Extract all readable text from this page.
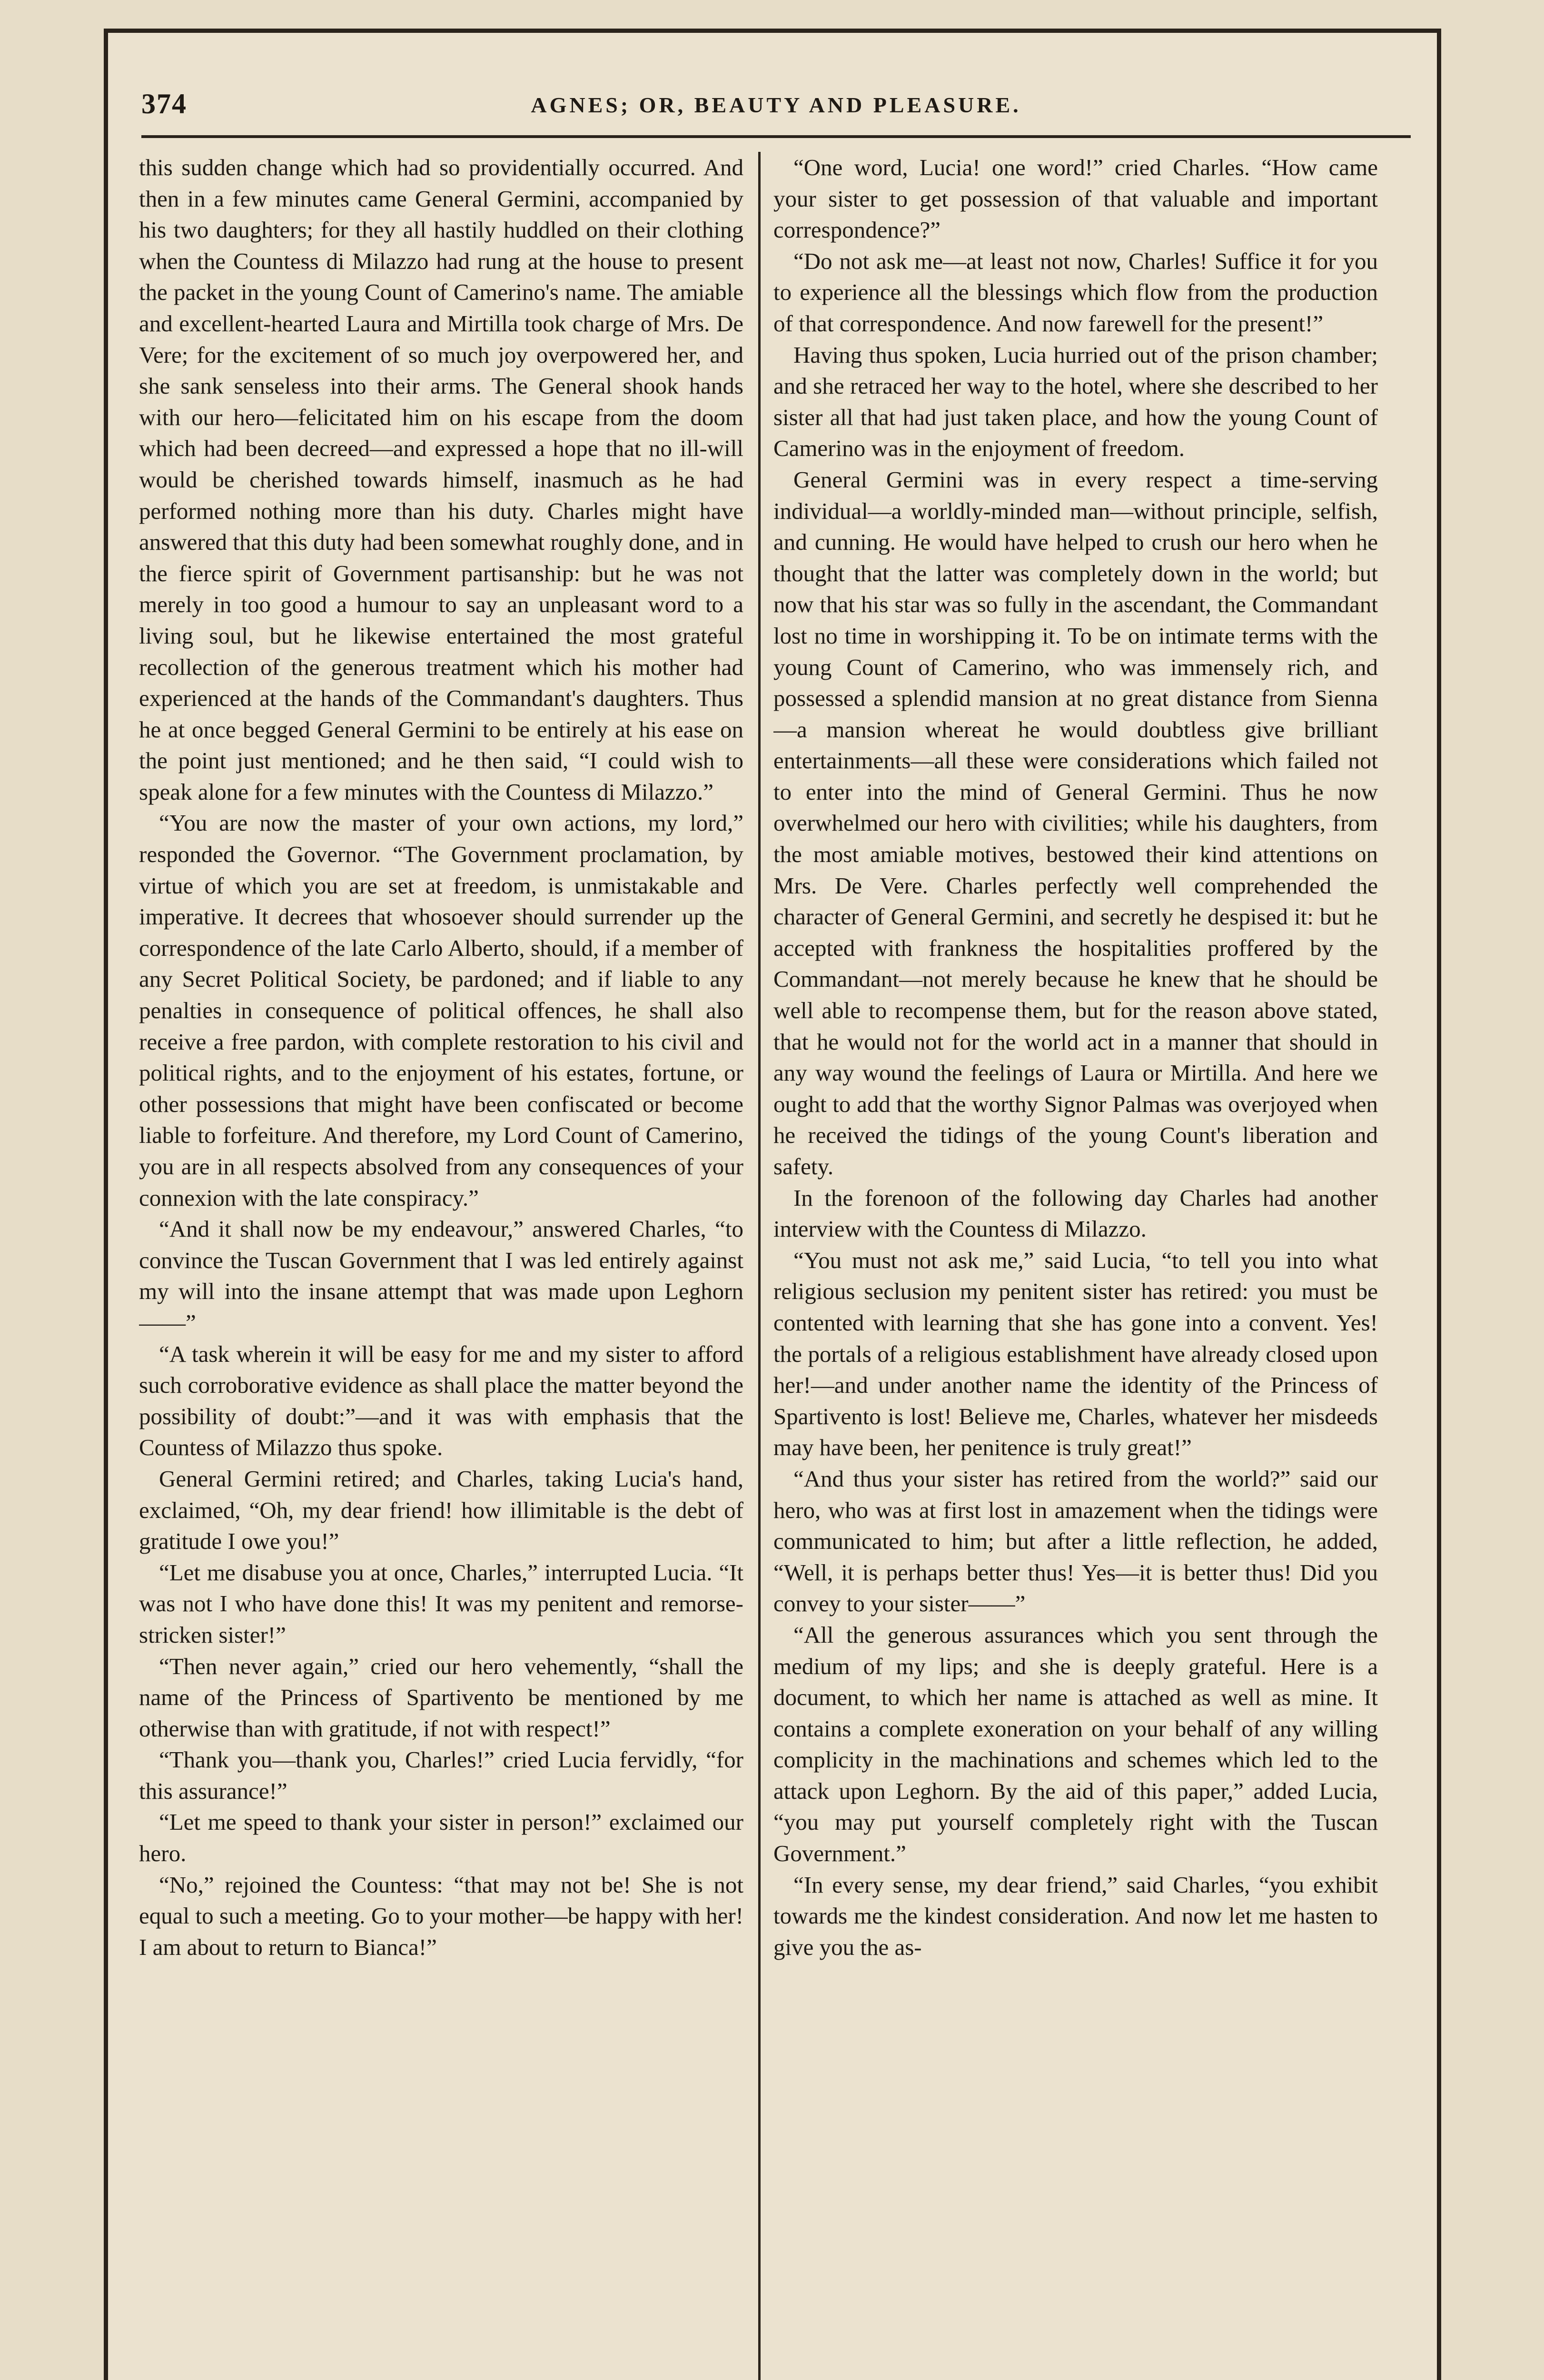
374	AGNES; OR, BEAUTY AND PLEASURE.

this sudden change which had so providentially occurred. And then in a few minutes came General Germini, accompanied by his two daughters; for they all hastily huddled on their clothing when the Countess di Milazzo had rung at the house to present the packet in the young Count of Camerino's name. The amiable and excellent-hearted Laura and Mirtilla took charge of Mrs. De Vere; for the excitement of so much joy overpowered her, and she sank senseless into their arms. The General shook hands with our hero—felicitated him on his escape from the doom which had been decreed—and expressed a hope that no ill-will would be cherished towards himself, inasmuch as he had performed nothing more than his duty. Charles might have answered that this duty had been somewhat roughly done, and in the fierce spirit of Government partisanship: but he was not merely in too good a humour to say an unpleasant word to a living soul, but he likewise entertained the most grateful recollection of the generous treatment which his mother had experienced at the hands of the Commandant's daughters. Thus he at once begged General Germini to be entirely at his ease on the point just mentioned; and he then said, “I could wish to speak alone for a few minutes with the Countess di Milazzo.”

“You are now the master of your own actions, my lord,” responded the Governor. “The Government proclamation, by virtue of which you are set at freedom, is unmistakable and imperative. It decrees that whosoever should surrender up the correspondence of the late Carlo Alberto, should, if a member of any Secret Political Society, be pardoned; and if liable to any penalties in consequence of political offences, he shall also receive a free pardon, with complete restoration to his civil and political rights, and to the enjoyment of his estates, fortune, or other possessions that might have been confiscated or become liable to forfeiture. And therefore, my Lord Count of Camerino, you are in all respects absolved from any consequences of your connexion with the late conspiracy.”

“And it shall now be my endeavour,” answered Charles, “to convince the Tuscan Government that I was led entirely against my will into the insane attempt that was made upon Leghorn——”

“A task wherein it will be easy for me and my sister to afford such corroborative evidence as shall place the matter beyond the possibility of doubt:”—and it was with emphasis that the Countess of Milazzo thus spoke.

General Germini retired; and Charles, taking Lucia's hand, exclaimed, “Oh, my dear friend! how illimitable is the debt of gratitude I owe you!”

“Let me disabuse you at once, Charles,” interrupted Lucia. “It was not I who have done this! It was my penitent and remorse-stricken sister!”

“Then never again,” cried our hero vehemently, “shall the name of the Princess of Spartivento be mentioned by me otherwise than with gratitude, if not with respect!”

“Thank you—thank you, Charles!” cried Lucia fervidly, “for this assurance!”

“Let me speed to thank your sister in person!” exclaimed our hero.

“No,” rejoined the Countess: “that may not be! She is not equal to such a meeting. Go to your mother—be happy with her! I am about to return to Bianca!”

“One word, Lucia! one word!” cried Charles. “How came your sister to get possession of that valuable and important correspondence?”

“Do not ask me—at least not now, Charles! Suffice it for you to experience all the blessings which flow from the production of that correspondence. And now farewell for the present!”

Having thus spoken, Lucia hurried out of the prison chamber; and she retraced her way to the hotel, where she described to her sister all that had just taken place, and how the young Count of Camerino was in the enjoyment of freedom.

General Germini was in every respect a time-serving individual—a worldly-minded man—without principle, selfish, and cunning. He would have helped to crush our hero when he thought that the latter was completely down in the world; but now that his star was so fully in the ascendant, the Commandant lost no time in worshipping it. To be on intimate terms with the young Count of Camerino, who was immensely rich, and possessed a splendid mansion at no great distance from Sienna—a mansion whereat he would doubtless give brilliant entertainments—all these were considerations which failed not to enter into the mind of General Germini. Thus he now overwhelmed our hero with civilities; while his daughters, from the most amiable motives, bestowed their kind attentions on Mrs. De Vere. Charles perfectly well comprehended the character of General Germini, and secretly he despised it: but he accepted with frankness the hospitalities proffered by the Commandant—not merely because he knew that he should be well able to recompense them, but for the reason above stated, that he would not for the world act in a manner that should in any way wound the feelings of Laura or Mirtilla. And here we ought to add that the worthy Signor Palmas was overjoyed when he received the tidings of the young Count's liberation and safety.

In the forenoon of the following day Charles had another interview with the Countess di Milazzo.

“You must not ask me,” said Lucia, “to tell you into what religious seclusion my penitent sister has retired: you must be contented with learning that she has gone into a convent. Yes! the portals of a religious establishment have already closed upon her!—and under another name the identity of the Princess of Spartivento is lost! Believe me, Charles, whatever her misdeeds may have been, her penitence is truly great!”

“And thus your sister has retired from the world?” said our hero, who was at first lost in amazement when the tidings were communicated to him; but after a little reflection, he added, “Well, it is perhaps better thus! Yes—it is better thus! Did you convey to your sister——”

“All the generous assurances which you sent through the medium of my lips; and she is deeply grateful. Here is a document, to which her name is attached as well as mine. It contains a complete exoneration on your behalf of any willing complicity in the machinations and schemes which led to the attack upon Leghorn. By the aid of this paper,” added Lucia, “you may put yourself completely right with the Tuscan Government.”

“In every sense, my dear friend,” said Charles, “you exhibit towards me the kindest consideration. And now let me hasten to give you the as-
